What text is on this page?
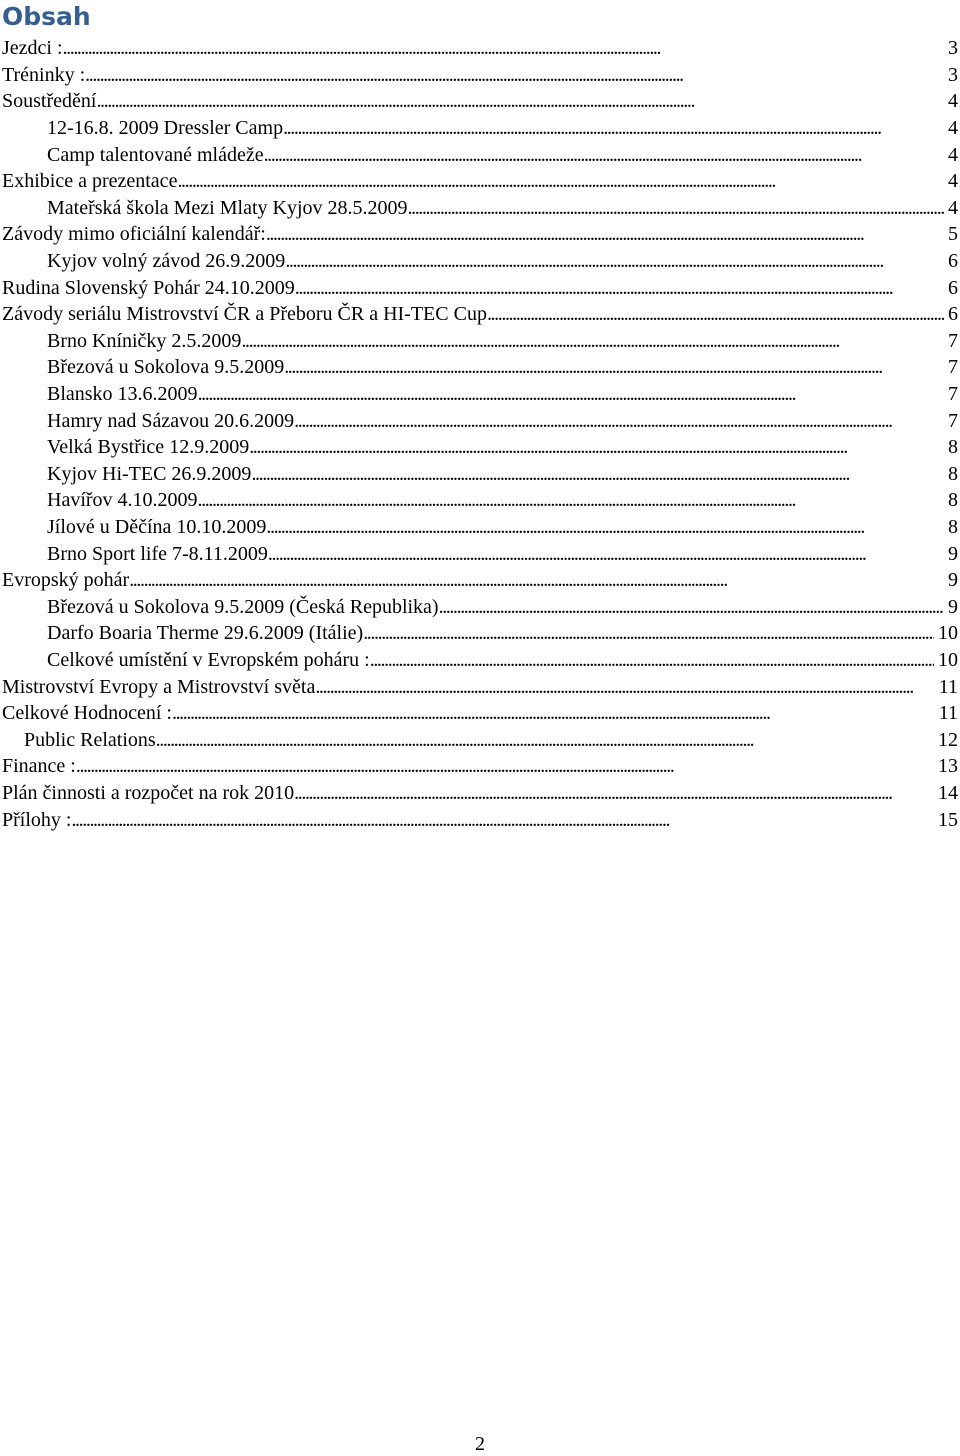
Obsah
Jezdci : . . .	3
Tréninky : . . .	3
Soustředění . . .	4
12-16.8. 2009 Dressler Camp . . .	4
Camp talentované mládeže . . .	4
Exhibice a prezentace . . .	4
Mateřská škola Mezi Mlaty Kyjov 28.5.2009 . . .	4
Závody mimo oficiální kalendář: . . .	5
Kyjov volný závod 26.9.2009 . . .	6
Rudina Slovenský Pohár 24.10.2009 . . .	6
Závody seriálu Mistrovství ČR a Přeboru ČR a HI-TEC Cup . . .	6
Brno Kníničky 2.5.2009 . . .	7
Březová u Sokolova 9.5.2009 . . .	7
Blansko 13.6.2009 . . .	7
Hamry nad Sázavou 20.6.2009 . . .	7
Velká Bystřice 12.9.2009 . . .	8
Kyjov Hi-TEC 26.9.2009 . . .	8
Havířov 4.10.2009 . . .	8
Jílové u Děčína 10.10.2009 . . .	8
Brno Sport life 7-8.11.2009 . . .	9
Evropský pohár . . .	9
Březová u Sokolova 9.5.2009 (Česká Republika) . . .	9
Darfo Boaria Therme 29.6.2009 (Itálie) . . .	10
Celkové umístění v Evropském poháru : . . .	10
Mistrovství Evropy a Mistrovství světa . . .	11
Celkové Hodnocení : . . .	11
Public Relations . . .	12
Finance : . . .	13
Plán činnosti a rozpočet na rok 2010 . . .	14
Přílohy : . . .	15
2
